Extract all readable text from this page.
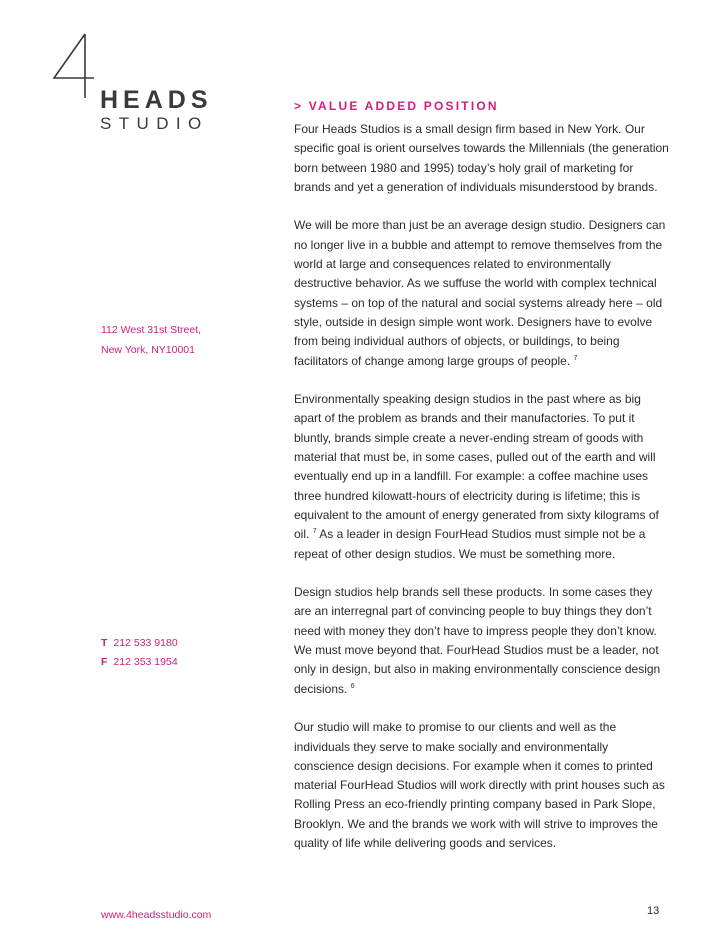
HEADS
STUDIO
112 West 31st Street,
New York, NY10001
T 212 533 9180
F 212 353 1954
www.4headsstudio.com
> VALUE ADDED POSITION

Four Heads Studios is a small design firm based in New York. Our specific goal is orient ourselves towards the Millennials (the generation born between 1980 and 1995) today’s holy grail of marketing for brands and yet a generation of individuals misunderstood by brands.

We will be more than just be an average design studio. Designers can no longer live in a bubble and attempt to remove themselves from the world at large and consequences related to environmentally destructive behavior. As we suffuse the world with complex technical systems – on top of the natural and social systems already here – old style, outside in design simple wont work. Designers have to evolve from being individual authors of objects, or buildings, to being facilitators of change among large groups of people. $^7$

Environmentally speaking design studios in the past where as big apart of the problem as brands and their manufactories. To put it bluntly, brands simple create a never-ending stream of goods with material that must be, in some cases, pulled out of the earth and will eventually end up in a landfill. For example: a coffee machine uses three hundred kilowatt-hours of electricity during is lifetime; this is equivalent to the amount of energy generated from sixty kilograms of oil. $^7$ As a leader in design FourHead Studios must simple not be a repeat of other design studios. We must be something more.

Design studios help brands sell these products. In some cases they are an interregnal part of convincing people to buy things they don’t need with money they don’t have to impress people they don’t know. We must move beyond that. FourHead Studios must be a leader, not only in design, but also in making environmentally conscience design decisions. $^6$

Our studio will make to promise to our clients and well as the individuals they serve to make socially and environmentally conscience design decisions. For example when it comes to printed material FourHead Studios will work directly with print houses such as Rolling Press an eco-friendly printing company based in Park Slope, Brooklyn. We and the brands we work with will strive to improves the quality of life while delivering goods and services.

13
